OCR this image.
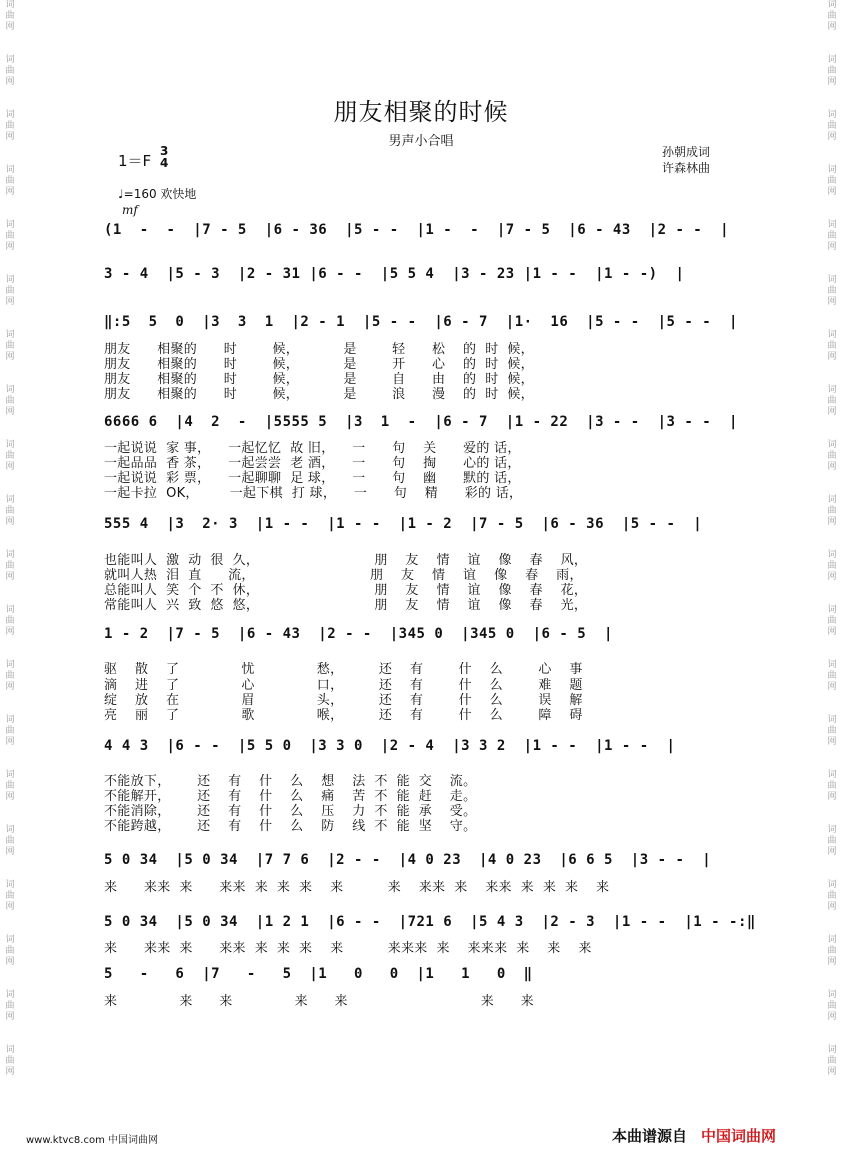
词
曲
网

词
曲
网

词
曲
网

词
曲
网

词
曲
网

词
曲
网

词
曲
网

词
曲
网

词
曲
网

词
曲
网

词
曲
网

词
曲
网

词
曲
网

词
曲
网

词
曲
网

词
曲
网

词
曲
网

词
曲
网

词
曲
网

词
曲
网
词
曲
网

词
曲
网

词
曲
网

词
曲
网

词
曲
网

词
曲
网

词
曲
网

词
曲
网

词
曲
网

词
曲
网

词
曲
网

词
曲
网

词
曲
网

词
曲
网

词
曲
网

词
曲
网

词
曲
网

词
曲
网

词
曲
网

词
曲
网
朋友相聚的时候
男声小合唱
1＝F
3
4
孙朝成词
许森林曲
♩=160 欢快地
mf
(1  -  -  |7 - 5  |6 - 36  |5 - -  |1 -  -  |7 - 5  |6 - 43  |2 - -  |
3 - 4  |5 - 3  |2 - 31 |6 - -  |5 5 4  |3 - 23 |1 - -  |1 - -)  |
‖:5  5  0  |3  3  1  |2 - 1  |5 - -  |6 - 7  |1·  16  |5 - -  |5 - -  |
朋友      相聚的      时        候，          是        轻      松    的  时  候，
朋友      相聚的      时        候，          是        开      心    的  时  候，
朋友      相聚的      时        候，          是        自      由    的  时  候，
朋友      相聚的      时        候，          是        浪      漫    的  时  候，
6666 6  |4  2  -  |5555 5  |3  1  -  |6 - 7  |1 - 22  |3 - -  |3 - -  |
一起说说  家 事，    一起忆忆  故 旧，    一      句    关      爱的 话，
一起品品  香 茶，    一起尝尝  老 酒，    一      句    掏      心的 话，
一起说说  彩 票，    一起聊聊  足 球，    一      句    幽      默的 话，
一起卡拉  OK，       一起下棋  打 球，    一      句    精      彩的 话，
555 4  |3  2· 3  |1 - -  |1 - -  |1 - 2  |7 - 5  |6 - 36  |5 - -  |
也能叫人  激  动  很  久，                          朋    友    情    谊    像    春    风，
就叫人热  泪  直      流，                          朋    友    情    谊    像    春    雨，
总能叫人  笑  个  不  休，                          朋    友    情    谊    像    春    花，
常能叫人  兴  致  悠  悠，                          朋    友    情    谊    像    春    光，
1 - 2  |7 - 5  |6 - 43  |2 - -  |345 0  |345 0  |6 - 5  |
驱    散    了              忧              愁，        还    有        什    么        心    事
滴    进    了              心              口，        还    有        什    么        难    题
绽    放    在              眉              头，        还    有        什    么        误    解
亮    丽    了              歌              喉，        还    有        什    么        障    碍
4 4 3  |6 - -  |5 5 0  |3 3 0  |2 - 4  |3 3 2  |1 - -  |1 - -  |
不能放下，      还    有    什    么    想    法  不  能  交    流。
不能解开，      还    有    什    么    痛    苦  不  能  赶    走。
不能消除，      还    有    什    么    压    力  不  能  承    受。
不能跨越，      还    有    什    么    防    线  不  能  坚    守。
5 0 34  |5 0 34  |7 7 6  |2 - -  |4 0 23  |4 0 23  |6 6 5  |3 - -  |
来      来来  来      来来  来  来  来    来          来    来来  来    来来  来  来  来    来
5 0 34  |5 0 34  |1 2 1  |6 - -  |721 6  |5 4 3  |2 - 3  |1 - -  |1 - -:‖
来      来来  来      来来  来  来  来    来          来来来  来    来来来  来    来    来
5   -   6  |7   -   5  |1   0   0  |1   1   0  ‖
来              来      来              来      来                              来      来
www.ktvc8.com 中国词曲网	本曲谱源自 中国词曲网
